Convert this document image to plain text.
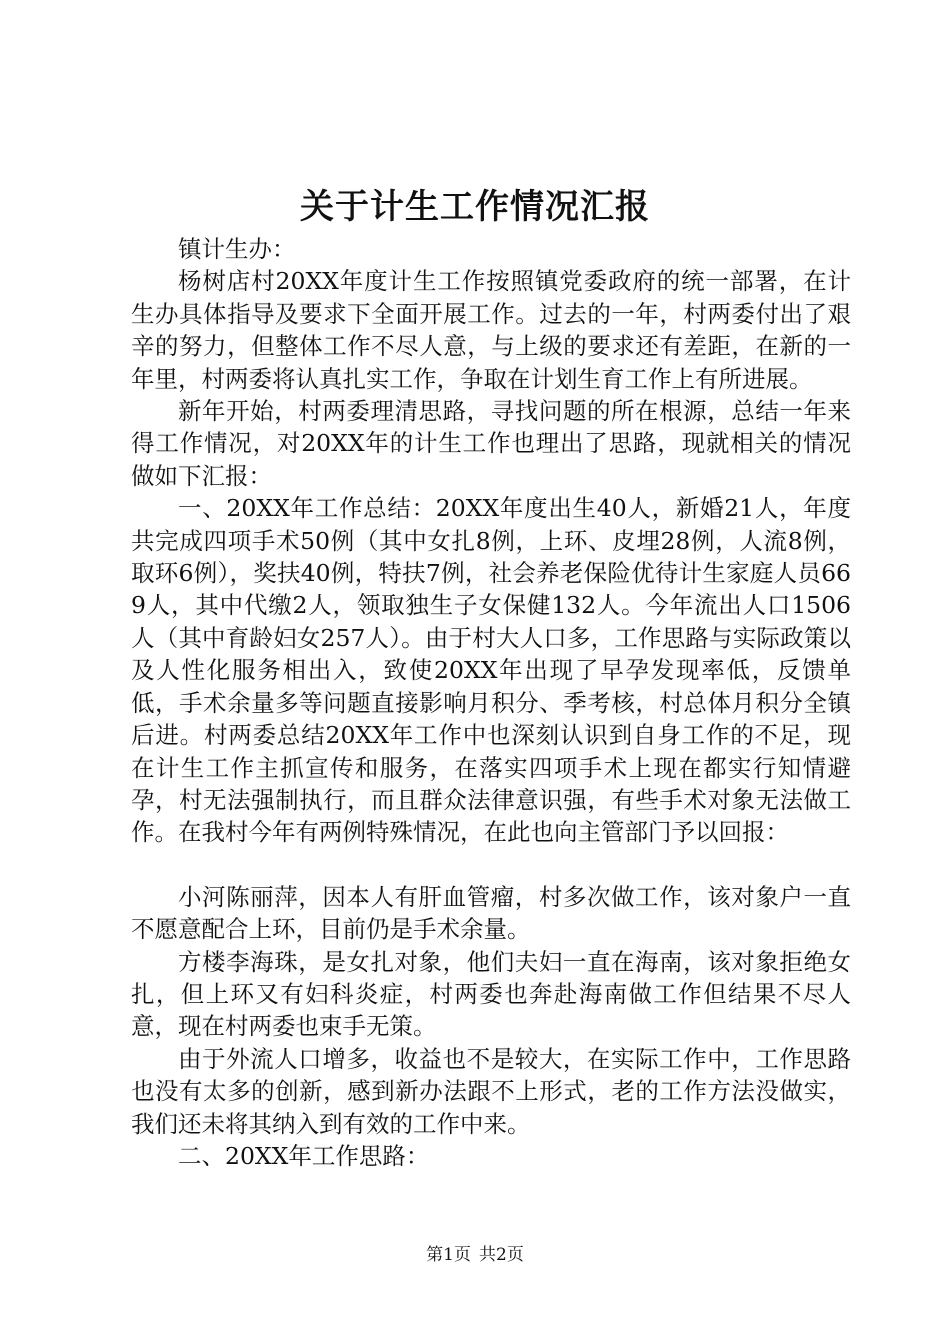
关于计生工作情况汇报

镇计生办：

杨树店村20XX年度计生工作按照镇党委政府的统一部署，在计生办具体指导及要求下全面开展工作。过去的一年，村两委付出了艰辛的努力，但整体工作不尽人意，与上级的要求还有差距，在新的一年里，村两委将认真扎实工作，争取在计划生育工作上有所进展。

新年开始，村两委理清思路，寻找问题的所在根源，总结一年来得工作情况，对20XX年的计生工作也理出了思路，现就相关的情况做如下汇报：

一、20XX年工作总结：20XX年度出生40人，新婚21人，年度共完成四项手术50例（其中女扎8例，上环、皮埋28例，人流8例，取环6例），奖扶40例，特扶7例，社会养老保险优待计生家庭人员669人，其中代缴2人，领取独生子女保健132人。今年流出人口1506人（其中育龄妇女257人）。由于村大人口多，工作思路与实际政策以及人性化服务相出入，致使20XX年出现了早孕发现率低，反馈单低，手术余量多等问题直接影响月积分、季考核，村总体月积分全镇后进。村两委总结20XX年工作中也深刻认识到自身工作的不足，现在计生工作主抓宣传和服务，在落实四项手术上现在都实行知情避孕，村无法强制执行，而且群众法律意识强，有些手术对象无法做工作。在我村今年有两例特殊情况，在此也向主管部门予以回报：

小河陈丽萍，因本人有肝血管瘤，村多次做工作，该对象户一直不愿意配合上环，目前仍是手术余量。

方楼李海珠，是女扎对象，他们夫妇一直在海南，该对象拒绝女扎，但上环又有妇科炎症，村两委也奔赴海南做工作但结果不尽人意，现在村两委也束手无策。

由于外流人口增多，收益也不是较大，在实际工作中，工作思路也没有太多的创新，感到新办法跟不上形式，老的工作方法没做实，我们还未将其纳入到有效的工作中来。

二、20XX年工作思路：

第1页 共2页
